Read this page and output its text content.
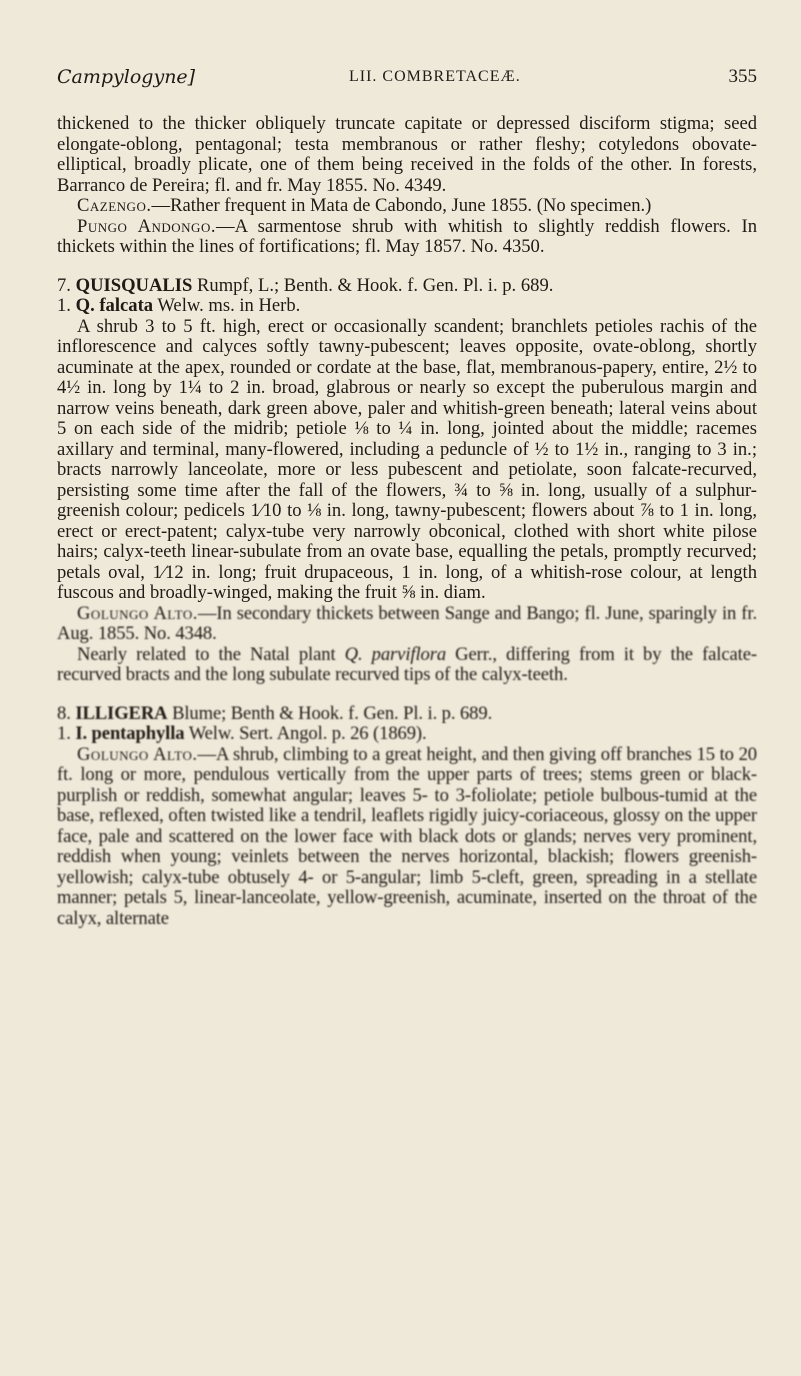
Campylogyne]	LII. COMBRETACEÆ.	355

thickened to the thicker obliquely truncate capitate or depressed disciform stigma; seed elongate-oblong, pentagonal; testa membranous or rather fleshy; cotyledons obovate-elliptical, broadly plicate, one of them being received in the folds of the other. In forests, Barranco de Pereira; fl. and fr. May 1855. No. 4349.

Cazengo.—Rather frequent in Mata de Cabondo, June 1855. (No specimen.)

Pungo Andongo.—A sarmentose shrub with whitish to slightly reddish flowers. In thickets within the lines of fortifications; fl. May 1857. No. 4350.

7. QUISQUALIS Rumpf, L.; Benth. & Hook. f. Gen. Pl. i. p. 689.

1. Q. falcata Welw. ms. in Herb.

A shrub 3 to 5 ft. high, erect or occasionally scandent; branchlets petioles rachis of the inflorescence and calyces softly tawny-pubescent; leaves opposite, ovate-oblong, shortly acuminate at the apex, rounded or cordate at the base, flat, membranous-papery, entire, 2½ to 4½ in. long by 1¼ to 2 in. broad, glabrous or nearly so except the puberulous margin and narrow veins beneath, dark green above, paler and whitish-green beneath; lateral veins about 5 on each side of the midrib; petiole ⅛ to ¼ in. long, jointed about the middle; racemes axillary and terminal, many-flowered, including a peduncle of ½ to 1½ in., ranging to 3 in.; bracts narrowly lanceolate, more or less pubescent and petiolate, soon falcate-recurved, persisting some time after the fall of the flowers, ¾ to ⅝ in. long, usually of a sulphur-greenish colour; pedicels 1⁄10 to ⅛ in. long, tawny-pubescent; flowers about ⅞ to 1 in. long, erect or erect-patent; calyx-tube very narrowly obconical, clothed with short white pilose hairs; calyx-teeth linear-subulate from an ovate base, equalling the petals, promptly recurved; petals oval, 1⁄12 in. long; fruit drupaceous, 1 in. long, of a whitish-rose colour, at length fuscous and broadly-winged, making the fruit ⅝ in. diam.

Golungo Alto.—In secondary thickets between Sange and Bango; fl. June, sparingly in fr. Aug. 1855. No. 4348.

Nearly related to the Natal plant Q. parviflora Gerr., differing from it by the falcate-recurved bracts and the long subulate recurved tips of the calyx-teeth.

8. ILLIGERA Blume; Benth & Hook. f. Gen. Pl. i. p. 689.

1. I. pentaphylla Welw. Sert. Angol. p. 26 (1869).

Golungo Alto.—A shrub, climbing to a great height, and then giving off branches 15 to 20 ft. long or more, pendulous vertically from the upper parts of trees; stems green or black-purplish or reddish, somewhat angular; leaves 5- to 3-foliolate; petiole bulbous-tumid at the base, reflexed, often twisted like a tendril, leaflets rigidly juicy-coriaceous, glossy on the upper face, pale and scattered on the lower face with black dots or glands; nerves very prominent, reddish when young; veinlets between the nerves horizontal, blackish; flowers greenish-yellowish; calyx-tube obtusely 4- or 5-angular; limb 5-cleft, green, spreading in a stellate manner; petals 5, linear-lanceolate, yellow-greenish, acuminate, inserted on the throat of the calyx, alternate
